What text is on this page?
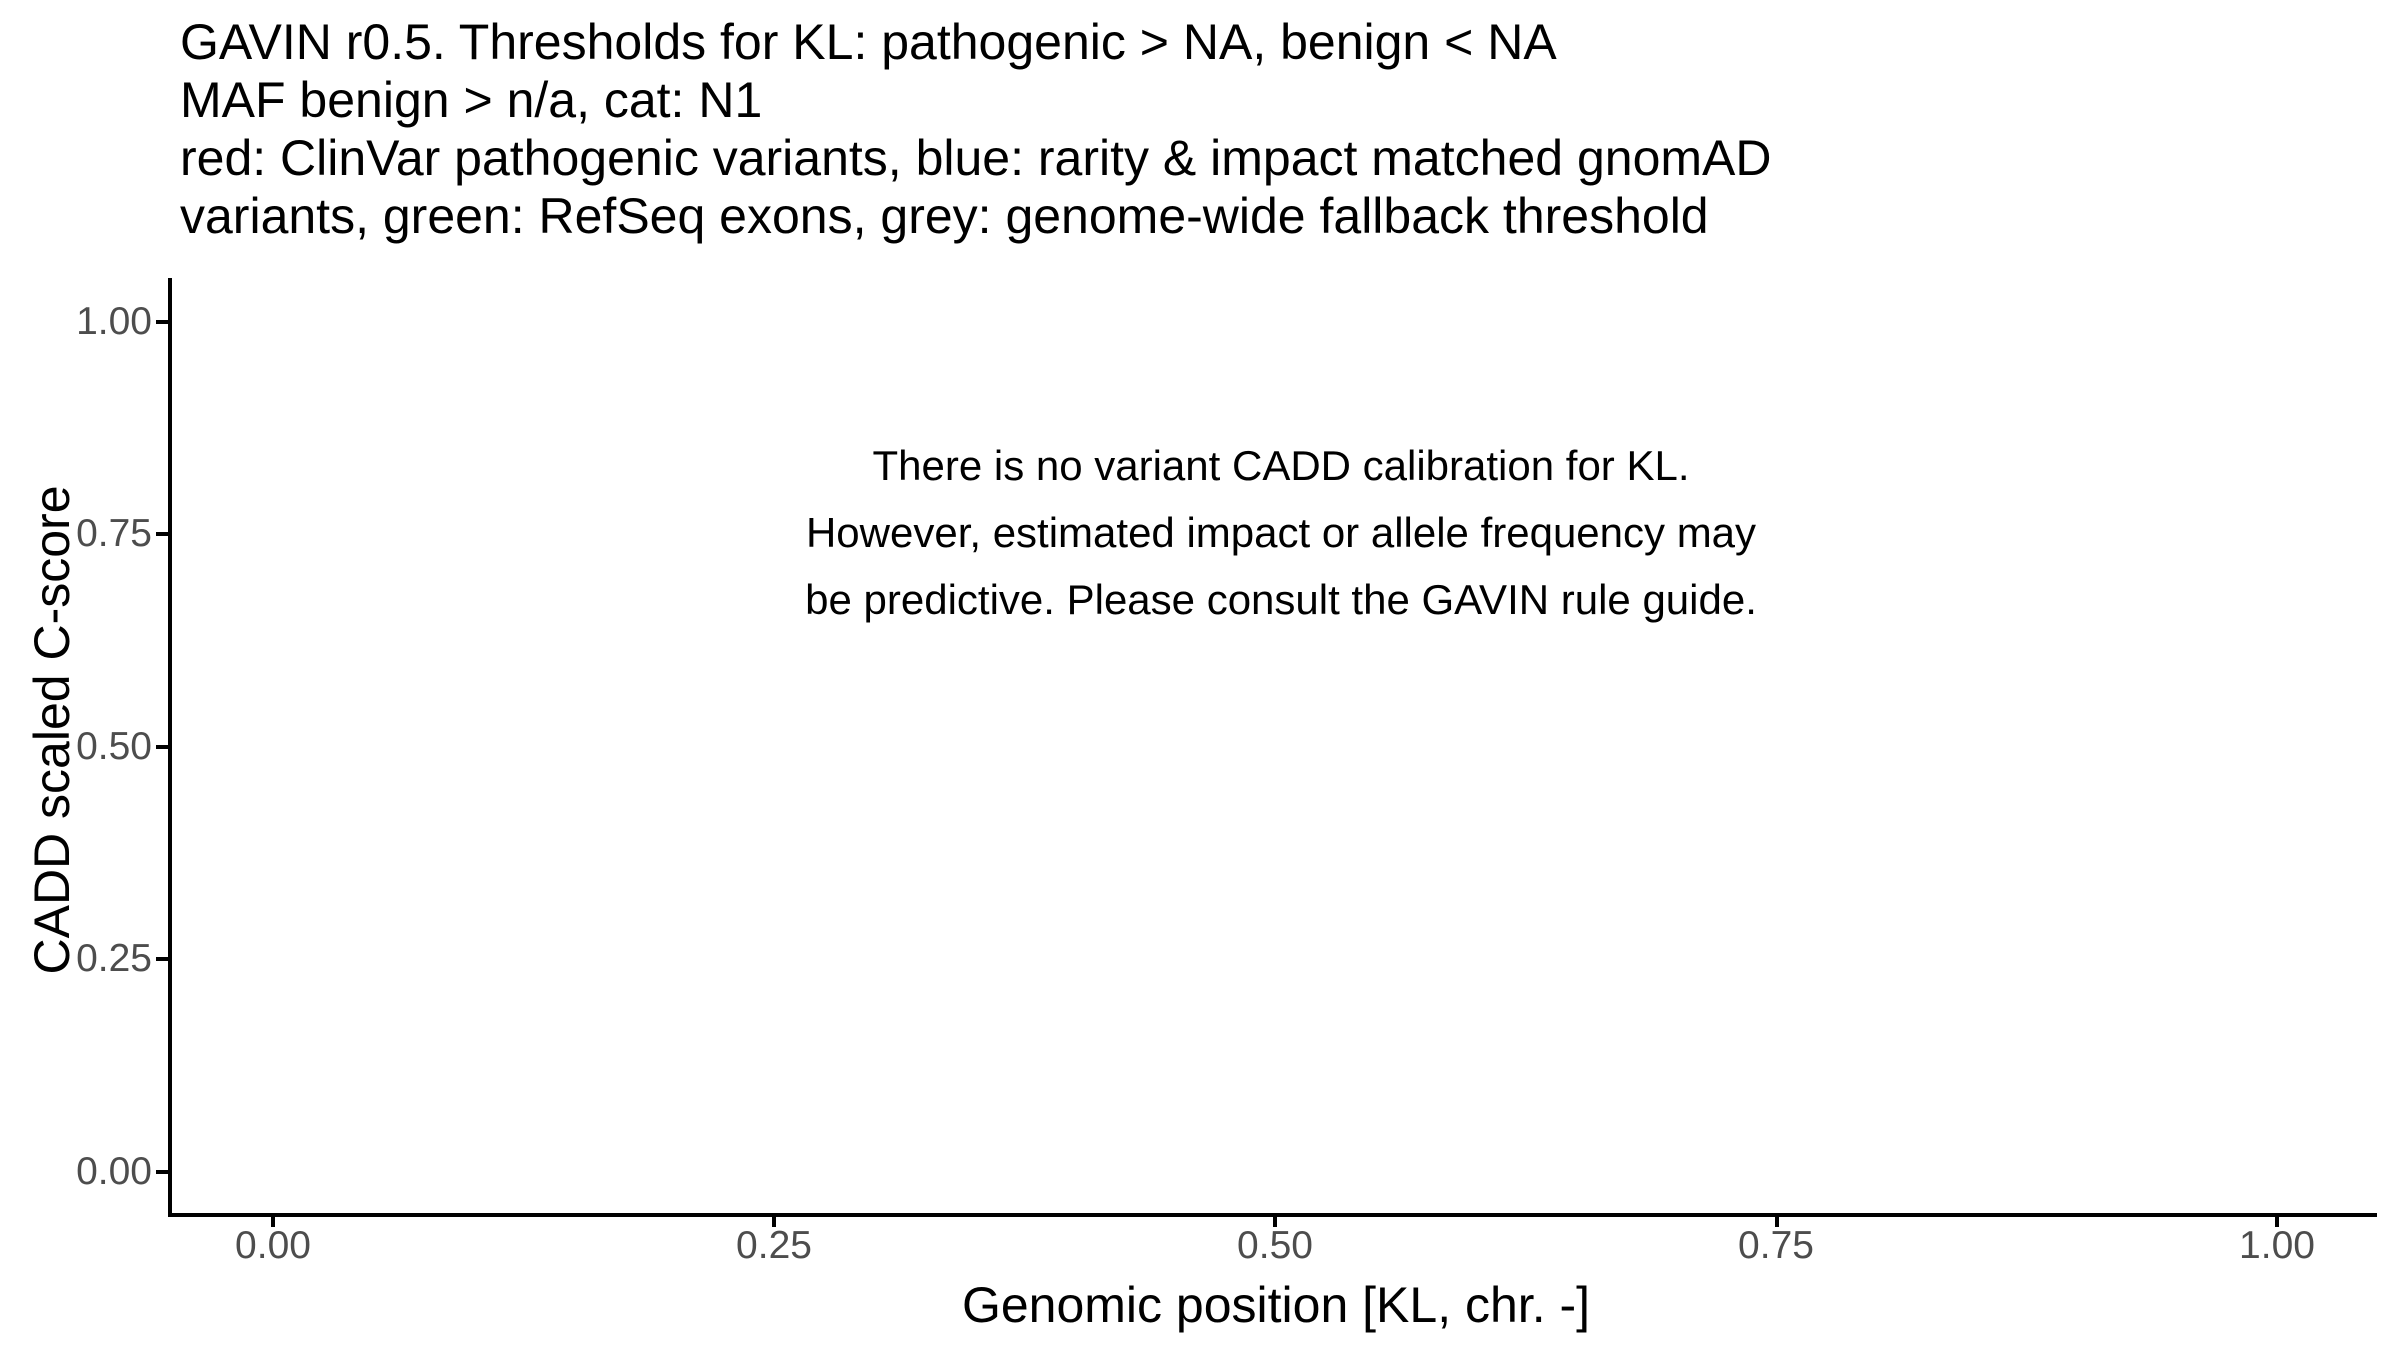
GAVIN r0.5. Thresholds for KL: pathogenic > NA, benign < NA
MAF benign > n/a, cat: N1
red: ClinVar pathogenic variants, blue: rarity & impact matched gnomAD
variants, green: RefSeq exons, grey: genome-wide fallback threshold
1.00
0.75
0.50
0.25
0.00
0.00	0.25	0.50	0.75	1.00
Genomic position [KL, chr. -]
CADD scaled C-score
There is no variant CADD calibration for KL.
However, estimated impact or allele frequency may
be predictive. Please consult the GAVIN rule guide.
